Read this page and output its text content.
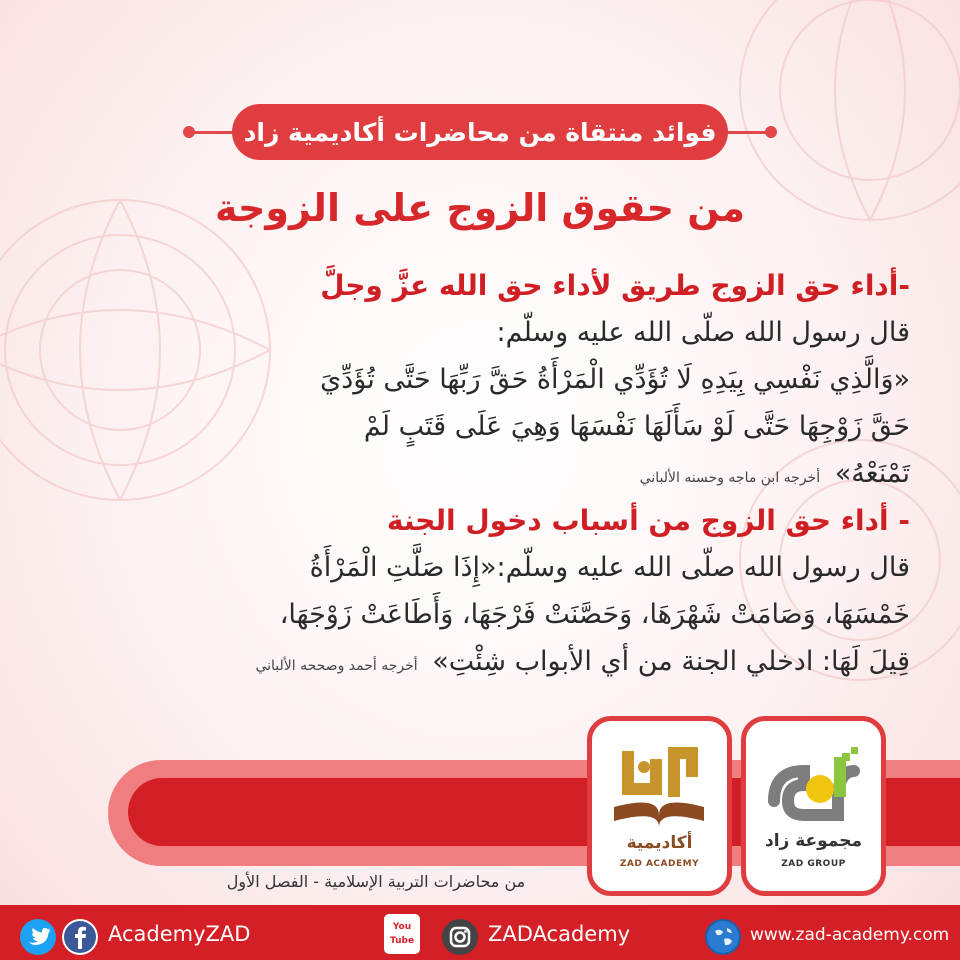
فوائد منتقاة من محاضرات أكاديمية زاد
من حقوق الزوج على الزوجة
-أداء حق الزوج طريق لأداء حق الله عزَّ وجلَّ
قال رسول الله صلّى الله عليه وسلّم:
«وَالَّذِي نَفْسِي بِيَدِهِ لَا تُؤَدِّي الْمَرْأَةُ حَقَّ رَبِّهَا حَتَّى تُؤَدِّيَ
حَقَّ زَوْجِهَا حَتَّى لَوْ سَأَلَهَا نَفْسَهَا وَهِيَ عَلَى قَتَبٍ لَمْ
تَمْنَعْهُ» أخرجه ابن ماجه وحسنه الألباني
- أداء حق الزوج من أسباب دخول الجنة
قال رسول الله صلّى الله عليه وسلّم:«إِذَا صَلَّتِ الْمَرْأَةُ
خَمْسَهَا، وَصَامَتْ شَهْرَهَا، وَحَصَّنَتْ فَرْجَهَا، وَأَطَاعَتْ زَوْجَهَا،
قِيلَ لَهَا: ادخلي الجنة من أي الأبواب شِئْتِ» أخرجه أحمد وصححه الألباني
من محاضرات التربية الإسلامية - الفصل الأول
أكاديمية
ZAD ACADEMY
مجموعة زاد
ZAD GROUP
AcademyZAD	You Tube	ZADAcademy	www.zad-academy.com
